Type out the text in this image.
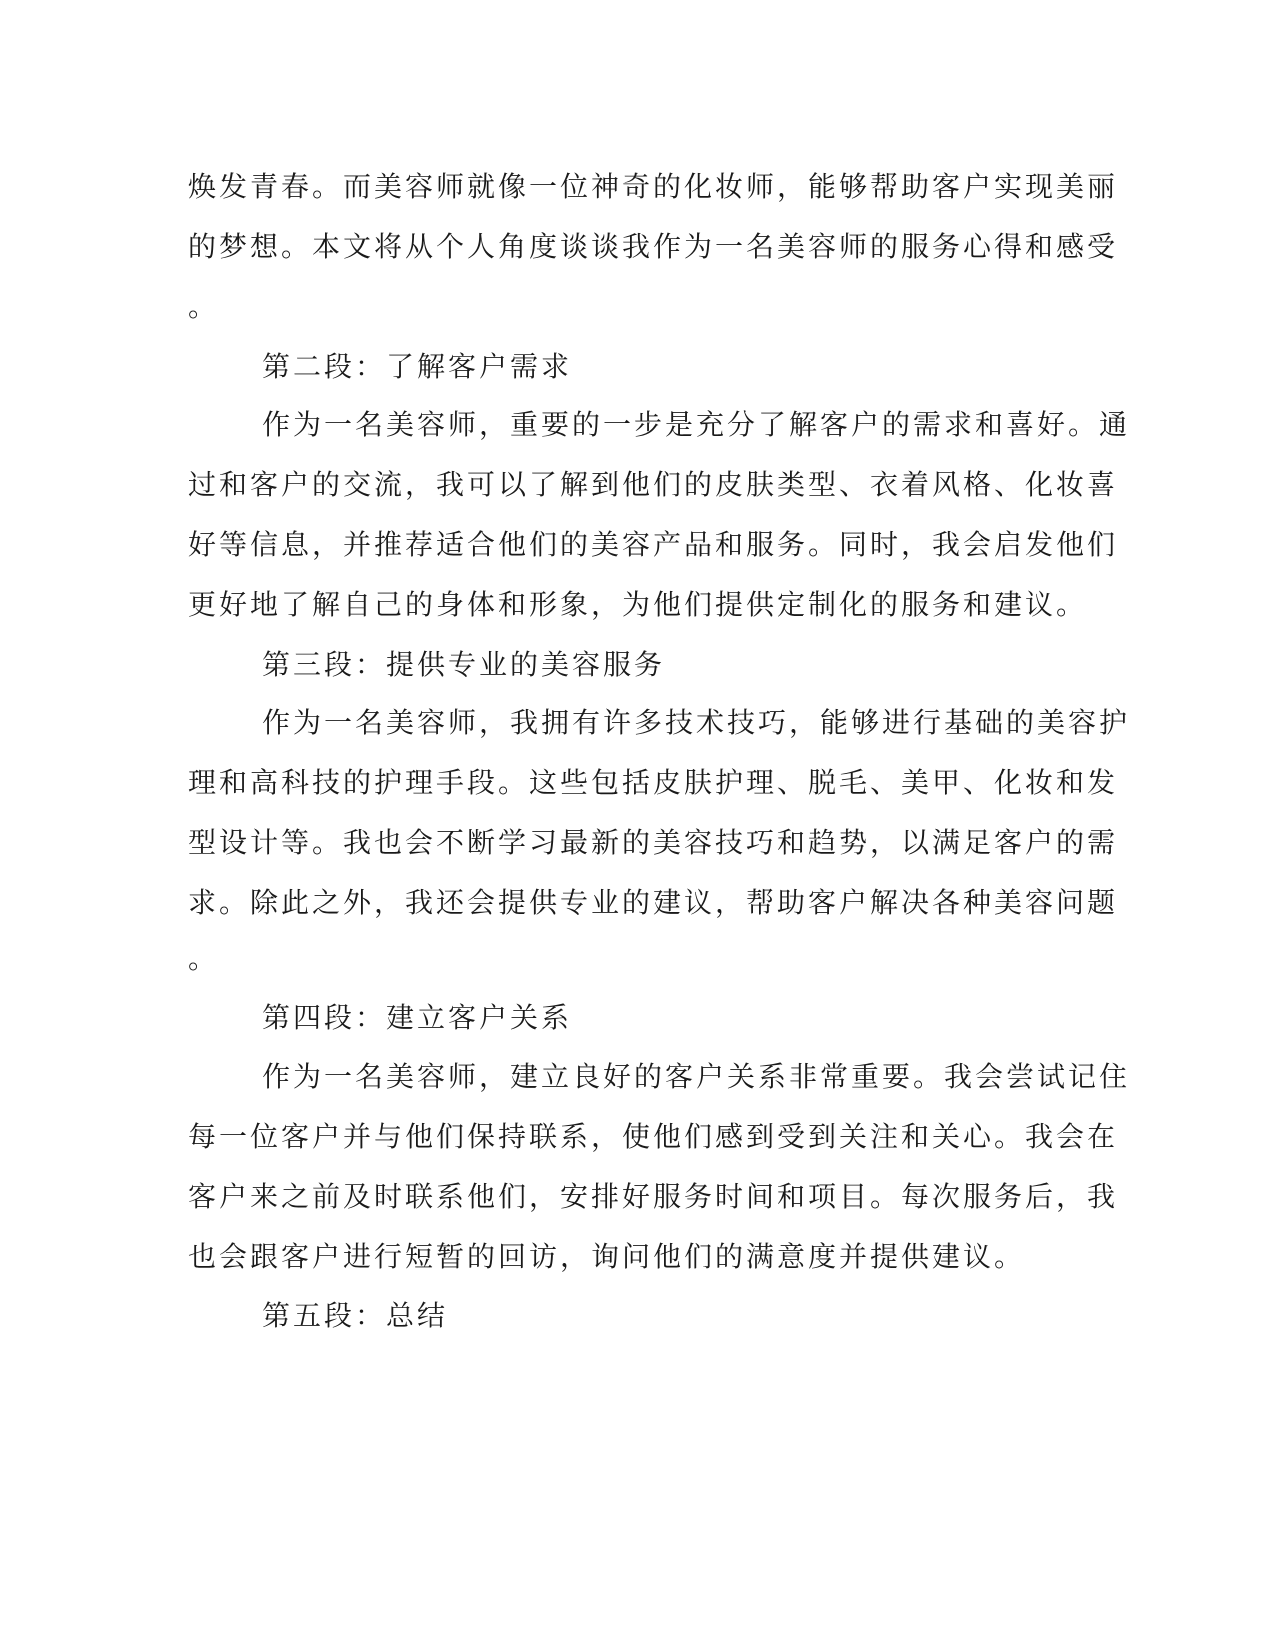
焕发青春。而美容师就像一位神奇的化妆师，能够帮助客户实现美丽
的梦想。本文将从个人角度谈谈我作为一名美容师的服务心得和感受
。
第二段：了解客户需求
作为一名美容师，重要的一步是充分了解客户的需求和喜好。通
过和客户的交流，我可以了解到他们的皮肤类型、衣着风格、化妆喜
好等信息，并推荐适合他们的美容产品和服务。同时，我会启发他们
更好地了解自己的身体和形象，为他们提供定制化的服务和建议。
第三段：提供专业的美容服务
作为一名美容师，我拥有许多技术技巧，能够进行基础的美容护
理和高科技的护理手段。这些包括皮肤护理、脱毛、美甲、化妆和发
型设计等。我也会不断学习最新的美容技巧和趋势，以满足客户的需
求。除此之外，我还会提供专业的建议，帮助客户解决各种美容问题
。
第四段：建立客户关系
作为一名美容师，建立良好的客户关系非常重要。我会尝试记住
每一位客户并与他们保持联系，使他们感到受到关注和关心。我会在
客户来之前及时联系他们，安排好服务时间和项目。每次服务后，我
也会跟客户进行短暂的回访，询问他们的满意度并提供建议。
第五段：总结
